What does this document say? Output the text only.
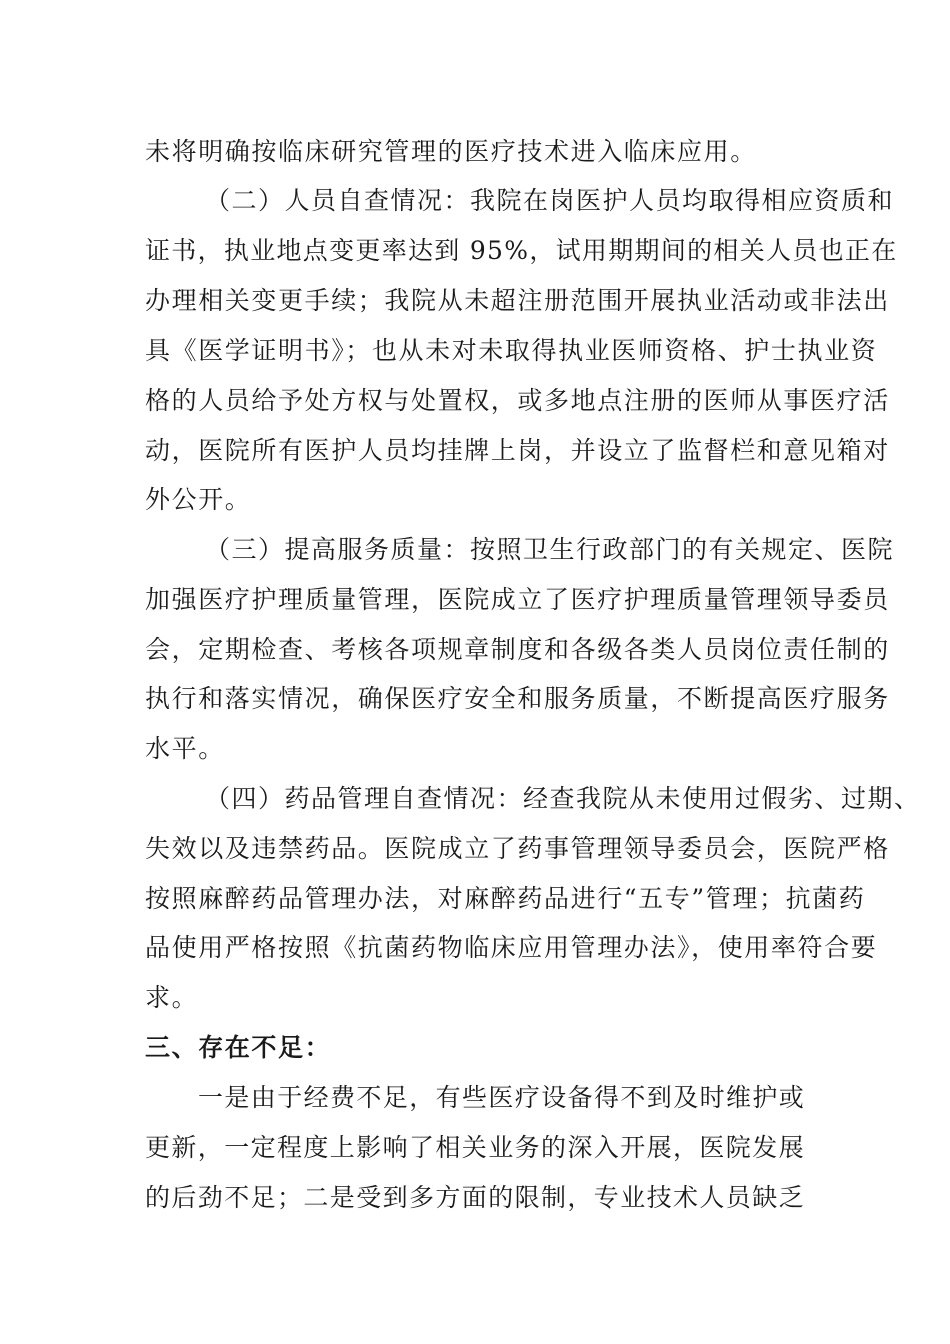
未将明确按临床研究管理的医疗技术进入临床应用。
（二）人员自查情况：我院在岗医护人员均取得相应资质和
证书，执业地点变更率达到 95%，试用期期间的相关人员也正在
办理相关变更手续；我院从未超注册范围开展执业活动或非法出
具《医学证明书》；也从未对未取得执业医师资格、护士执业资
格的人员给予处方权与处置权，或多地点注册的医师从事医疗活
动，医院所有医护人员均挂牌上岗，并设立了监督栏和意见箱对
外公开。
（三）提高服务质量：按照卫生行政部门的有关规定、医院
加强医疗护理质量管理，医院成立了医疗护理质量管理领导委员
会，定期检查、考核各项规章制度和各级各类人员岗位责任制的
执行和落实情况，确保医疗安全和服务质量，不断提高医疗服务
水平。
（四）药品管理自查情况：经查我院从未使用过假劣、过期、
失效以及违禁药品。医院成立了药事管理领导委员会，医院严格
按照麻醉药品管理办法，对麻醉药品进行“五专”管理；抗菌药
品使用严格按照《抗菌药物临床应用管理办法》，使用率符合要
求。
三、存在不足：
一是由于经费不足，有些医疗设备得不到及时维护或
更新，一定程度上影响了相关业务的深入开展，医院发展
的后劲不足；二是受到多方面的限制，专业技术人员缺乏
